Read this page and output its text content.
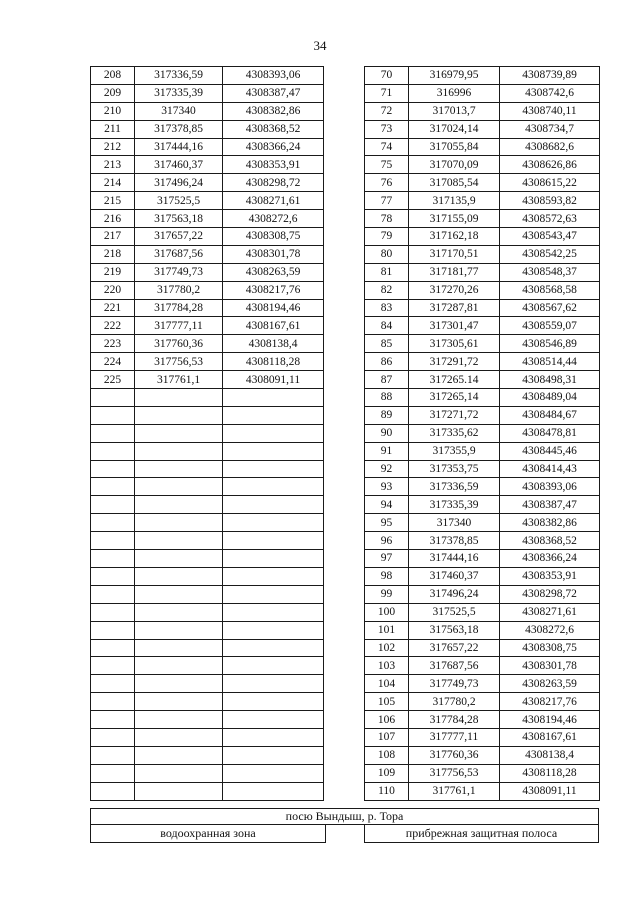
34
208	317336,59	4308393,06
209	317335,39	4308387,47
210	317340	4308382,86
211	317378,85	4308368,52
212	317444,16	4308366,24
213	317460,37	4308353,91
214	317496,24	4308298,72
215	317525,5	4308271,61
216	317563,18	4308272,6
217	317657,22	4308308,75
218	317687,56	4308301,78
219	317749,73	4308263,59
220	317780,2	4308217,76
221	317784,28	4308194,46
222	317777,11	4308167,61
223	317760,36	4308138,4
224	317756,53	4308118,28
225	317761,1	4308091,11

70	316979,95	4308739,89
71	316996	4308742,6
72	317013,7	4308740,11
73	317024,14	4308734,7
74	317055,84	4308682,6
75	317070,09	4308626,86
76	317085,54	4308615,22
77	317135,9	4308593,82
78	317155,09	4308572,63
79	317162,18	4308543,47
80	317170,51	4308542,25
81	317181,77	4308548,37
82	317270,26	4308568,58
83	317287,81	4308567,62
84	317301,47	4308559,07
85	317305,61	4308546,89
86	317291,72	4308514,44
87	317265.14	4308498,31
88	317265,14	4308489,04
89	317271,72	4308484,67
90	317335,62	4308478,81
91	317355,9	4308445,46
92	317353,75	4308414,43
93	317336,59	4308393,06
94	317335,39	4308387,47
95	317340	4308382,86
96	317378,85	4308368,52
97	317444,16	4308366,24
98	317460,37	4308353,91
99	317496,24	4308298,72
100	317525,5	4308271,61
101	317563,18	4308272,6
102	317657,22	4308308,75
103	317687,56	4308301,78
104	317749,73	4308263,59
105	317780,2	4308217,76
106	317784,28	4308194,46
107	317777,11	4308167,61
108	317760,36	4308138,4
109	317756,53	4308118,28
110	317761,1	4308091,11
посю Вындыш, р. Тора
водоохранная зона	прибрежная защитная полоса
